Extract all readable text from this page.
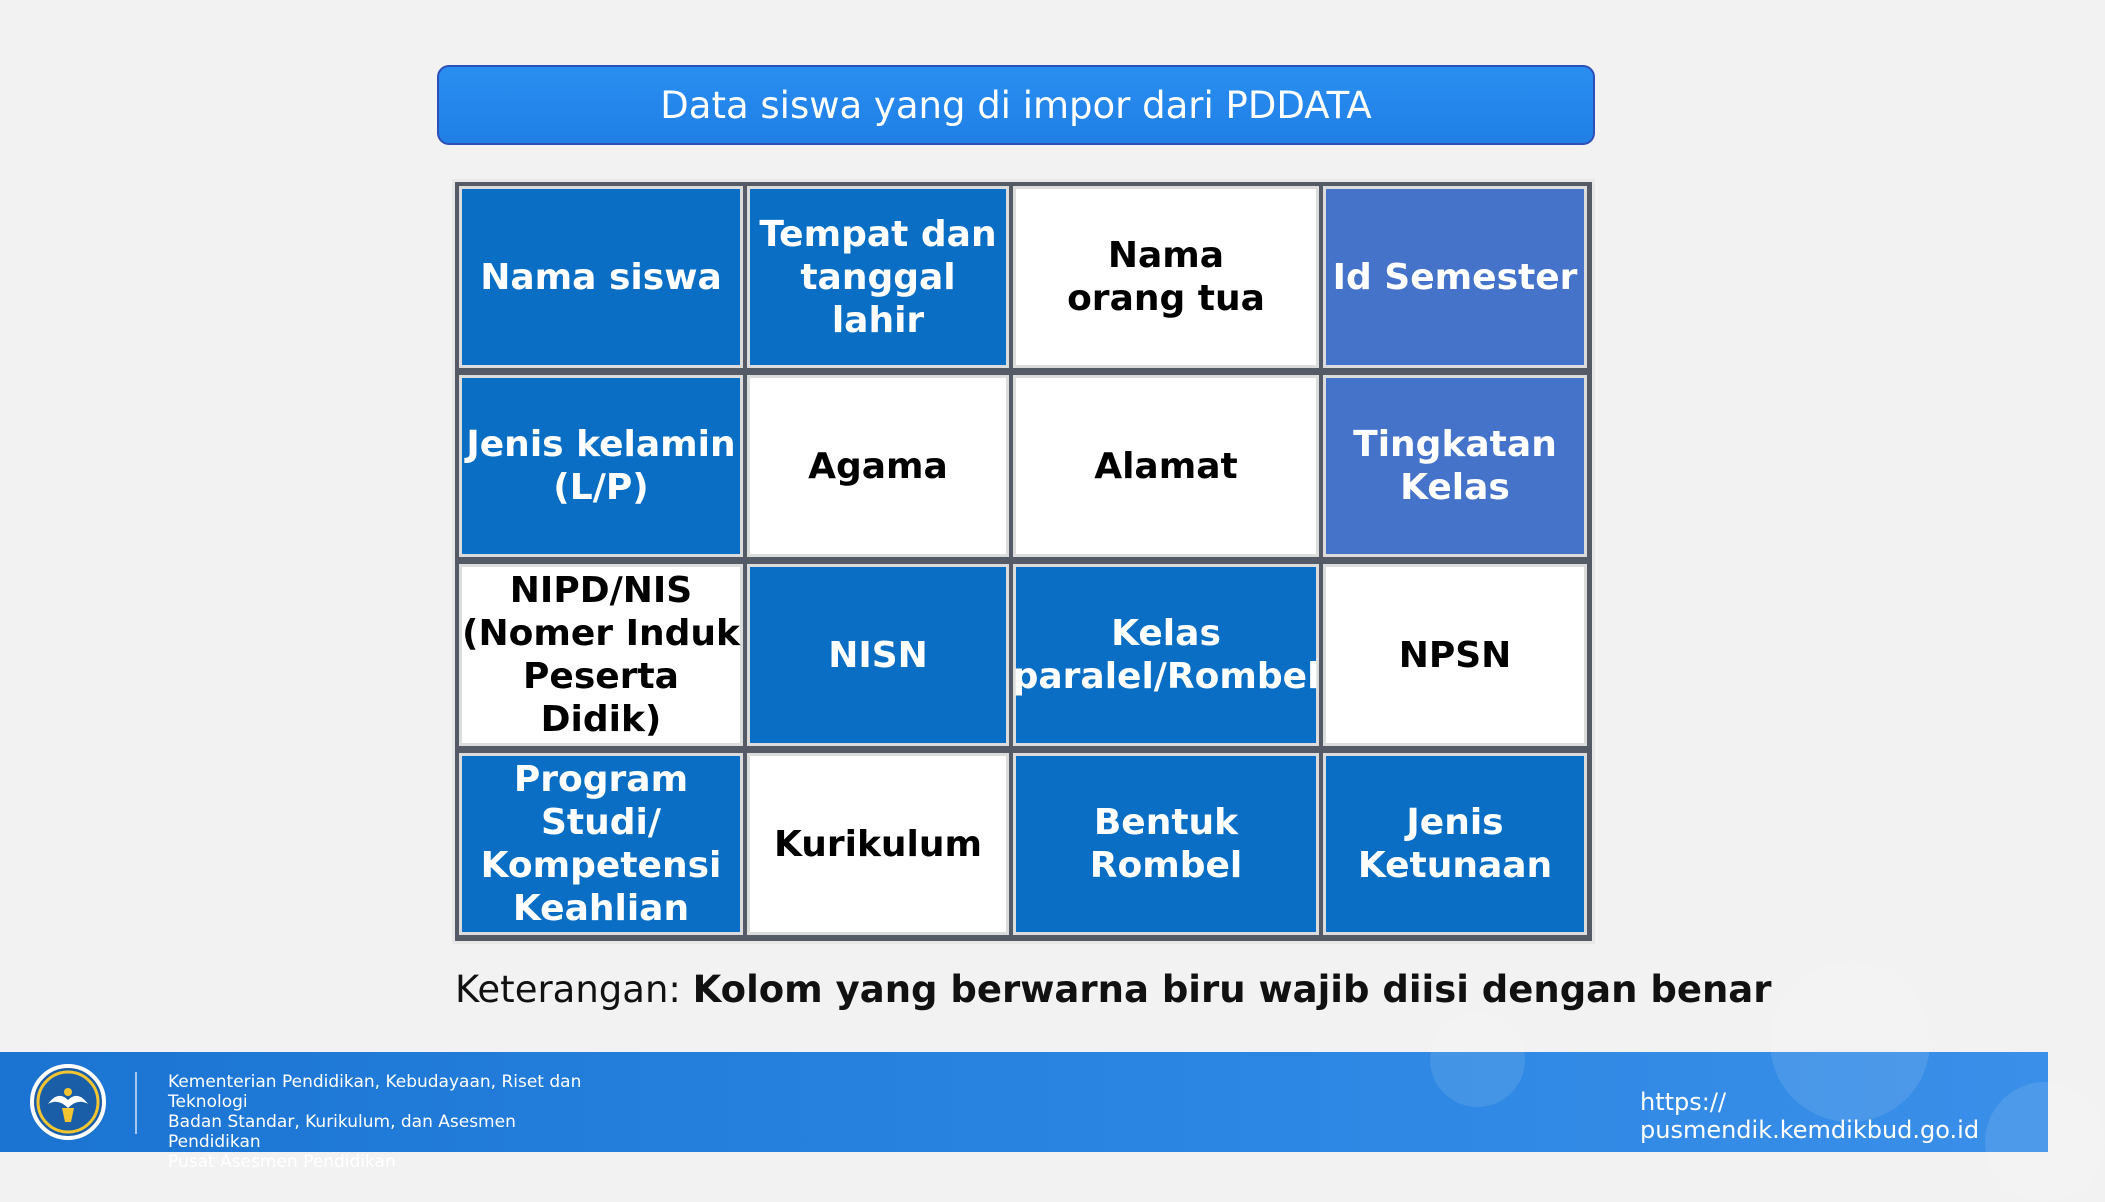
Data siswa yang di impor dari PDDATA
Nama siswa
Tempat dan
tanggal lahir
Nama
orang tua
Id Semester
Jenis kelamin
(L/P)
Agama	Alamat
Tingkatan
Kelas
NIPD/NIS
(Nomer Induk
Peserta Didik)
NISN
Kelas
paralel/Rombel
NPSN
Program
Studi/
Kompetensi
Keahlian
Kurikulum
Bentuk Rombel
Jenis
Ketunaan
Keterangan: Kolom yang berwarna biru wajib diisi dengan benar
Kementerian Pendidikan, Kebudayaan, Riset dan Teknologi
Badan Standar, Kurikulum, dan Asesmen Pendidikan
Pusat Asesmen Pendidikan
https://
pusmendik.kemdikbud.go.id
